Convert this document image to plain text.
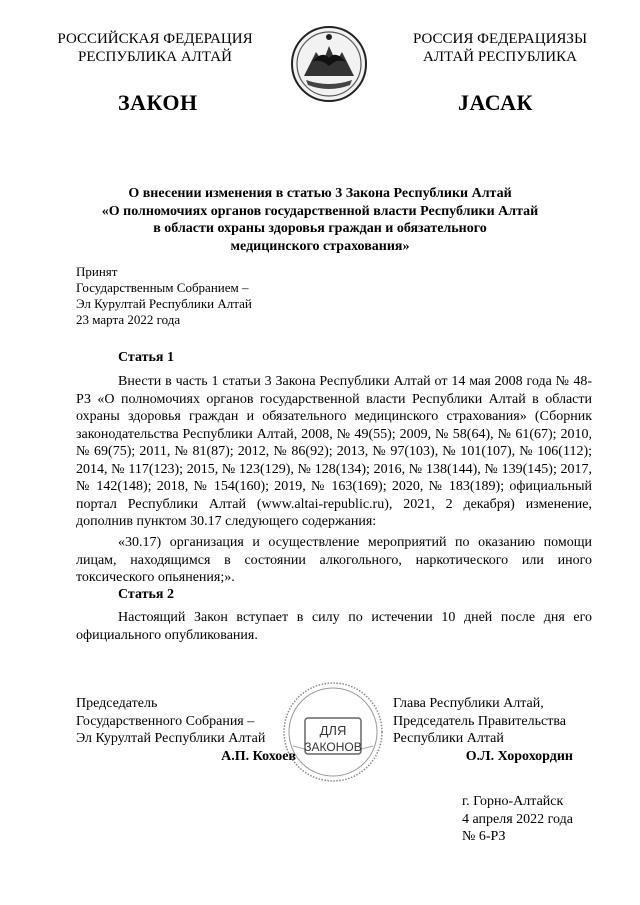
РОССИЙСКАЯ ФЕДЕРАЦИЯ
РЕСПУБЛИКА АЛТАЙ
РОССИЯ ФЕДЕРАЦИЯЗЫ
АЛТАЙ РЕСПУБЛИКА
ЗАКОН	ЈАСАК
О внесении изменения в статью 3 Закона Республики Алтай
«О полномочиях органов государственной власти Республики Алтай
в области охраны здоровья граждан и обязательного
медицинского страхования»
Принят
Государственным Собранием –
Эл Курултай Республики Алтай
23 марта 2022 года
Статья 1
Внести в часть 1 статьи 3 Закона Республики Алтай от 14 мая 2008 года № 48-РЗ «О полномочиях органов государственной власти Республики Алтай в области охраны здоровья граждан и обязательного медицинского страхования» (Сборник законодательства Республики Алтай, 2008, № 49(55); 2009, № 58(64), № 61(67); 2010, № 69(75); 2011, № 81(87); 2012, № 86(92); 2013, № 97(103), № 101(107), № 106(112); 2014, № 117(123); 2015, № 123(129), № 128(134); 2016, № 138(144), № 139(145); 2017, № 142(148); 2018, № 154(160); 2019, № 163(169); 2020, № 183(189); официальный портал Республики Алтай (www.altai-republic.ru), 2021, 2 декабря) изменение, дополнив пунктом 30.17 следующего содержания:
«30.17) организация и осуществление мероприятий по оказанию помощи лицам, находящимся в состоянии алкогольного, наркотического или иного токсического опьянения;».
Статья 2
Настоящий Закон вступает в силу по истечении 10 дней после дня его официального опубликования.
ДЛЯ
ЗАКОНОВ
Председатель
Государственного Собрания –
Эл Курултай Республики Алтай
А.П. Кохоев
Глава Республики Алтай,
Председатель Правительства
Республики Алтай
О.Л. Хорохордин
г. Горно-Алтайск
4 апреля 2022 года
№ 6-РЗ
